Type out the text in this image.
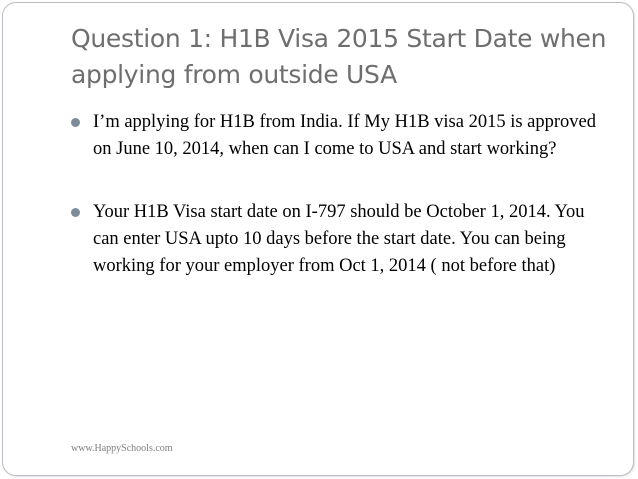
Question 1: H1B Visa 2015 Start Date when applying from outside USA
I’m applying for H1B from India. If My H1B visa 2015 is approved on June 10, 2014, when can I come to USA and start working?
Your H1B Visa start date on I-797 should be October 1, 2014. You can enter USA upto 10 days before the start date. You can being working for your employer from Oct 1, 2014 ( not before that)
www.HappySchools.com
